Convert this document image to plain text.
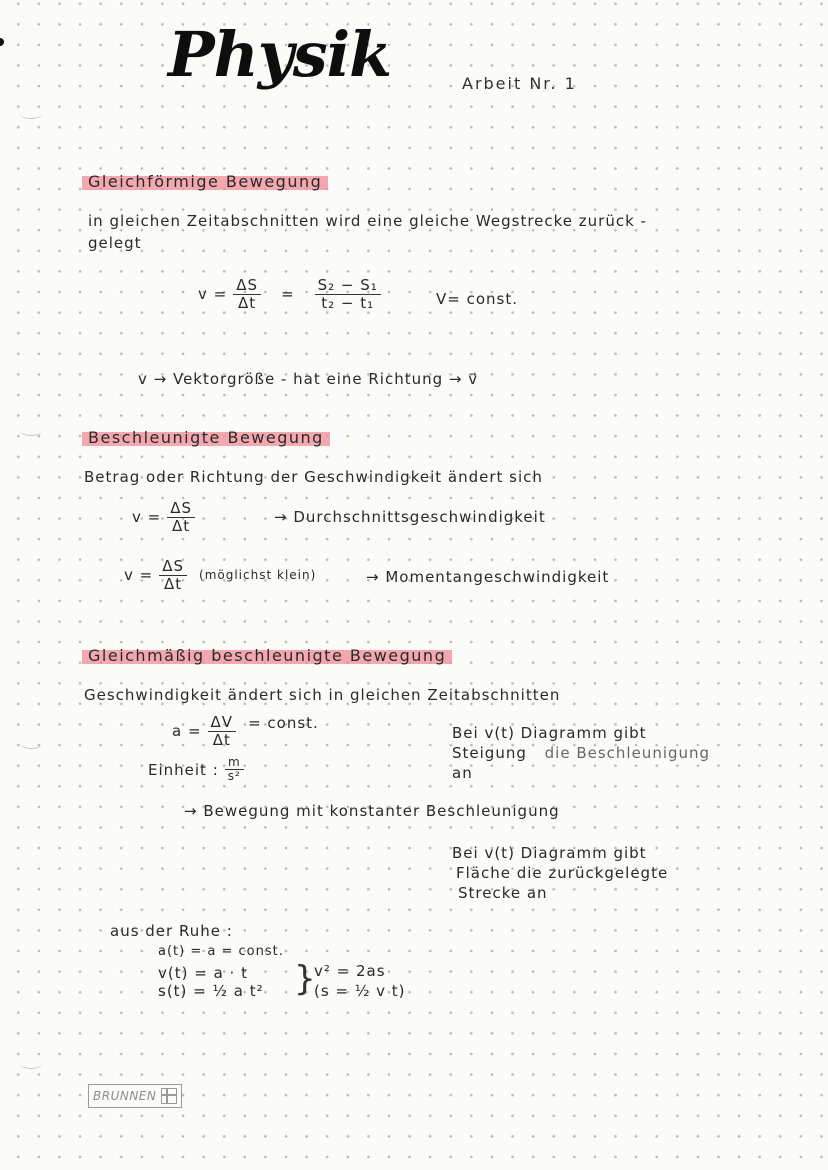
Physik	Arbeit Nr. 1
Gleichförmige Bewegung
in gleichen Zeitabschnitten wird eine gleiche Wegstrecke zurück -
gelegt
$v = \frac{\Delta S}{\Delta t} = \frac{\text{S₂ − S₁}}{\text{t₂ − t₁}}$	V= const.
v → Vektorgröße - hat eine Richtung → v⃗
Beschleunigte Bewegung
Betrag oder Richtung der Geschwindigkeit ändert sich
$v = \frac{\Delta S}{\Delta t}$	→ Durchschnittsgeschwindigkeit
$v = \frac{\Delta S}{\Delta t}$ (möglichst klein)	→ Momentangeschwindigkeit
Gleichmäßig beschleunigte Bewegung
Geschwindigkeit ändert sich in gleichen Zeitabschnitten
$a = \frac{\Delta V}{\Delta t}$ = const.
Einheit : $\frac{m}{\text{s²}}$
Bei v(t) Diagramm gibt
Steigung die Beschleunigung
an
→ Bewegung mit konstanter Beschleunigung
Bei v(t) Diagramm gibt
Fläche die zurückgelegte
Strecke an
aus der Ruhe :
a(t) = a = const.
v(t) = a · t
s(t) = ½ a t² }
v² = 2as
(s = ½ v t)
BRUNNEN
